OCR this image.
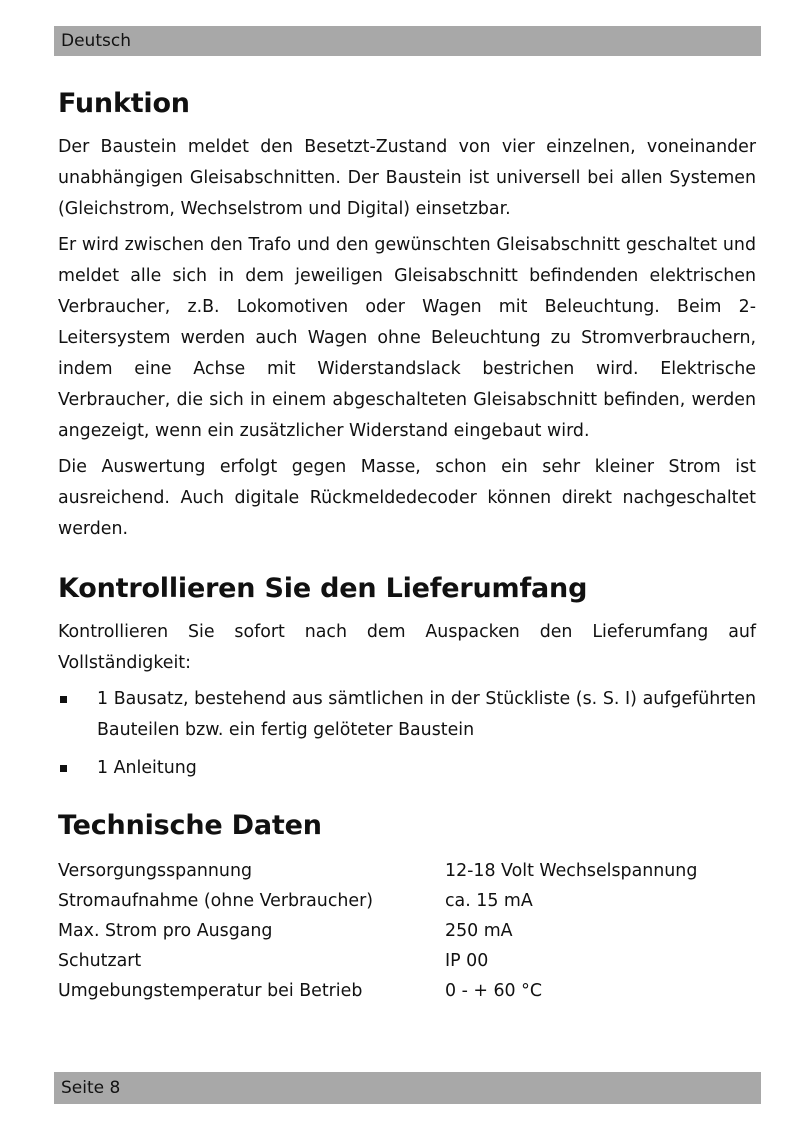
Deutsch
Funktion

Der Baustein meldet den Besetzt-Zustand von vier einzelnen, voneinander unabhängigen Gleisabschnitten. Der Baustein ist universell bei allen Systemen (Gleichstrom, Wechselstrom und Digital) einsetzbar.

Er wird zwischen den Trafo und den gewünschten Gleisabschnitt geschaltet und meldet alle sich in dem jeweiligen Gleisabschnitt befindenden elektrischen Verbraucher, z.B. Lokomotiven oder Wagen mit Beleuchtung. Beim 2-Leitersystem werden auch Wagen ohne Beleuchtung zu Stromverbrauchern, indem eine Achse mit Widerstandslack bestrichen wird. Elektrische Verbraucher, die sich in einem abgeschalteten Gleisabschnitt befinden, werden angezeigt, wenn ein zusätzlicher Widerstand eingebaut wird.

Die Auswertung erfolgt gegen Masse, schon ein sehr kleiner Strom ist ausreichend. Auch digitale Rückmeldedecoder können direkt nachgeschaltet werden.

Kontrollieren Sie den Lieferumfang

Kontrollieren Sie sofort nach dem Auspacken den Lieferumfang auf Vollständigkeit:

1 Bausatz, bestehend aus sämtlichen in der Stückliste (s. S. I) aufgeführten Bauteilen bzw. ein fertig gelöteter Baustein
1 Anleitung
Technische Daten
Versorgungsspannung	12-18 Volt Wechselspannung
Stromaufnahme (ohne Verbraucher)	ca. 15 mA
Max. Strom pro Ausgang	250 mA
Schutzart	IP 00
Umgebungstemperatur bei Betrieb	0 - + 60 °C
Seite 8
